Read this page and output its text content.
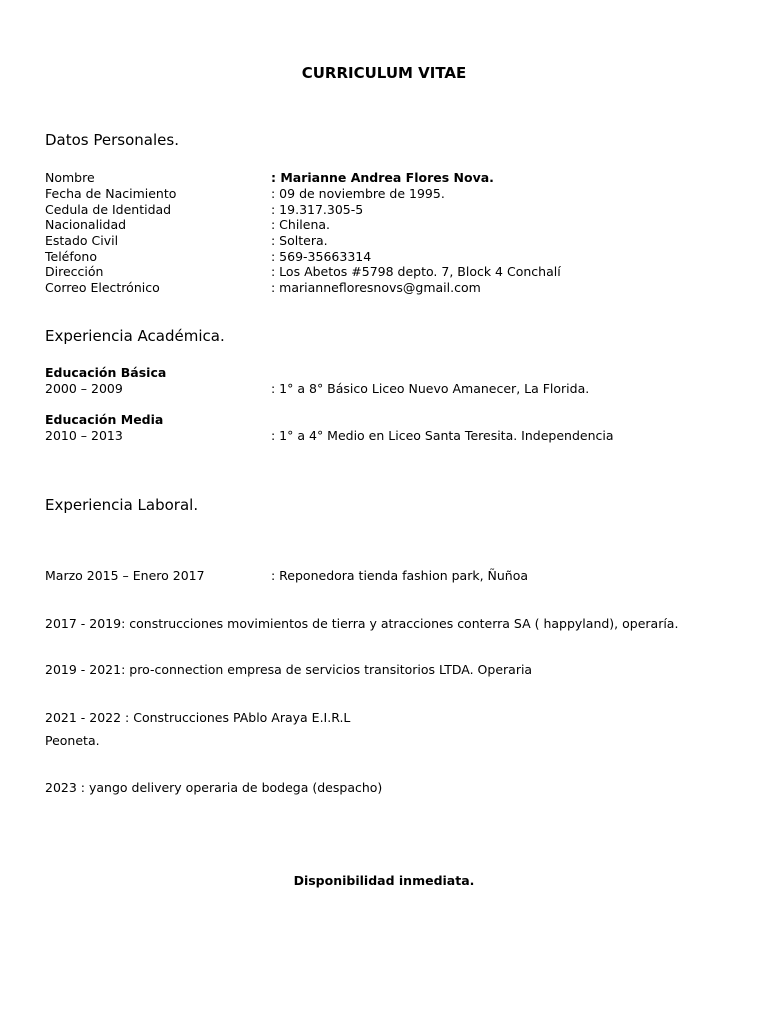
CURRICULUM VITAE
Datos Personales.
Nombre	: Marianne Andrea Flores Nova.
Fecha de Nacimiento	: 09 de noviembre de 1995.
Cedula de Identidad	: 19.317.305-5
Nacionalidad	: Chilena.
Estado Civil	: Soltera.
Teléfono	: 569-35663314
Dirección	: Los Abetos #5798 depto. 7, Block 4 Conchalí
Correo Electrónico	: mariannefloresnovs@gmail.com
Experiencia Académica.
Educación Básica
2000 – 2009	: 1° a 8° Básico Liceo Nuevo Amanecer, La Florida.
Educación Media
2010 – 2013	: 1° a 4° Medio en Liceo Santa Teresita. Independencia
Experiencia Laboral.
Marzo 2015 – Enero 2017	: Reponedora tienda fashion park, Ñuñoa
2017 - 2019: construcciones movimientos de tierra y atracciones conterra SA ( happyland), operaría.
2019 - 2021: pro-connection empresa de servicios transitorios LTDA. Operaria
2021 - 2022 : Construcciones PAblo Araya E.I.R.L
Peoneta.
2023 : yango delivery operaria de bodega (despacho)
Disponibilidad inmediata.
